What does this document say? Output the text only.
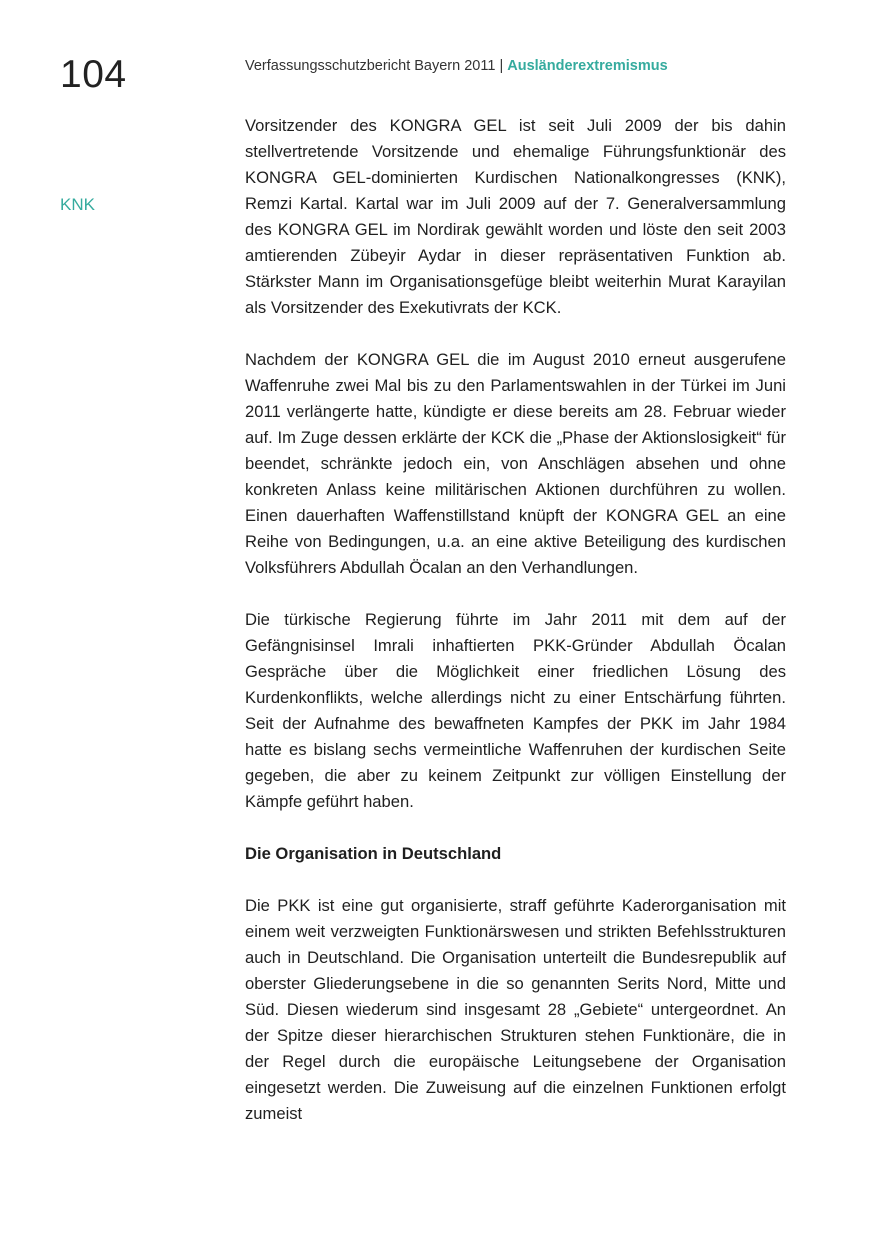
104	Verfassungsschutzbericht Bayern 2011 | Ausländerextremismus
KNK

Vorsitzender des KONGRA GEL ist seit Juli 2009 der bis dahin stellvertretende Vorsitzende und ehemalige Führungsfunktionär des KONGRA GEL-dominierten Kurdischen Nationalkongresses (KNK), Remzi Kartal. Kartal war im Juli 2009 auf der 7. Generalversammlung des KONGRA GEL im Nordirak gewählt worden und löste den seit 2003 amtierenden Zübeyir Aydar in dieser repräsentativen Funktion ab. Stärkster Mann im Organisationsgefüge bleibt weiterhin Murat Karayilan als Vorsitzender des Exekutivrats der KCK.

Nachdem der KONGRA GEL die im August 2010 erneut ausgerufene Waffenruhe zwei Mal bis zu den Parlamentswahlen in der Türkei im Juni 2011 verlängerte hatte, kündigte er diese bereits am 28. Februar wieder auf. Im Zuge dessen erklärte der KCK die „Phase der Aktionslosigkeit“ für beendet, schränkte jedoch ein, von Anschlägen absehen und ohne konkreten Anlass keine militärischen Aktionen durchführen zu wollen. Einen dauerhaften Waffenstillstand knüpft der KONGRA GEL an eine Reihe von Bedingungen, u.a. an eine aktive Beteiligung des kurdischen Volksführers Abdullah Öcalan an den Verhandlungen.

Die türkische Regierung führte im Jahr 2011 mit dem auf der Gefängnisinsel Imrali inhaftierten PKK-Gründer Abdullah Öcalan Gespräche über die Möglichkeit einer friedlichen Lösung des Kurdenkonflikts, welche allerdings nicht zu einer Entschärfung führten. Seit der Aufnahme des bewaffneten Kampfes der PKK im Jahr 1984 hatte es bislang sechs vermeintliche Waffenruhen der kurdischen Seite gegeben, die aber zu keinem Zeitpunkt zur völligen Einstellung der Kämpfe geführt haben.

Die Organisation in Deutschland

Die PKK ist eine gut organisierte, straff geführte Kaderorganisation mit einem weit verzweigten Funktionärswesen und strikten Befehlsstrukturen auch in Deutschland. Die Organisation unterteilt die Bundesrepublik auf oberster Gliederungsebene in die so genannten Serits Nord, Mitte und Süd. Diesen wiederum sind insgesamt 28 „Gebiete“ untergeordnet. An der Spitze dieser hierarchischen Strukturen stehen Funktionäre, die in der Regel durch die europäische Leitungsebene der Organisation eingesetzt werden. Die Zuweisung auf die einzelnen Funktionen erfolgt zumeist
